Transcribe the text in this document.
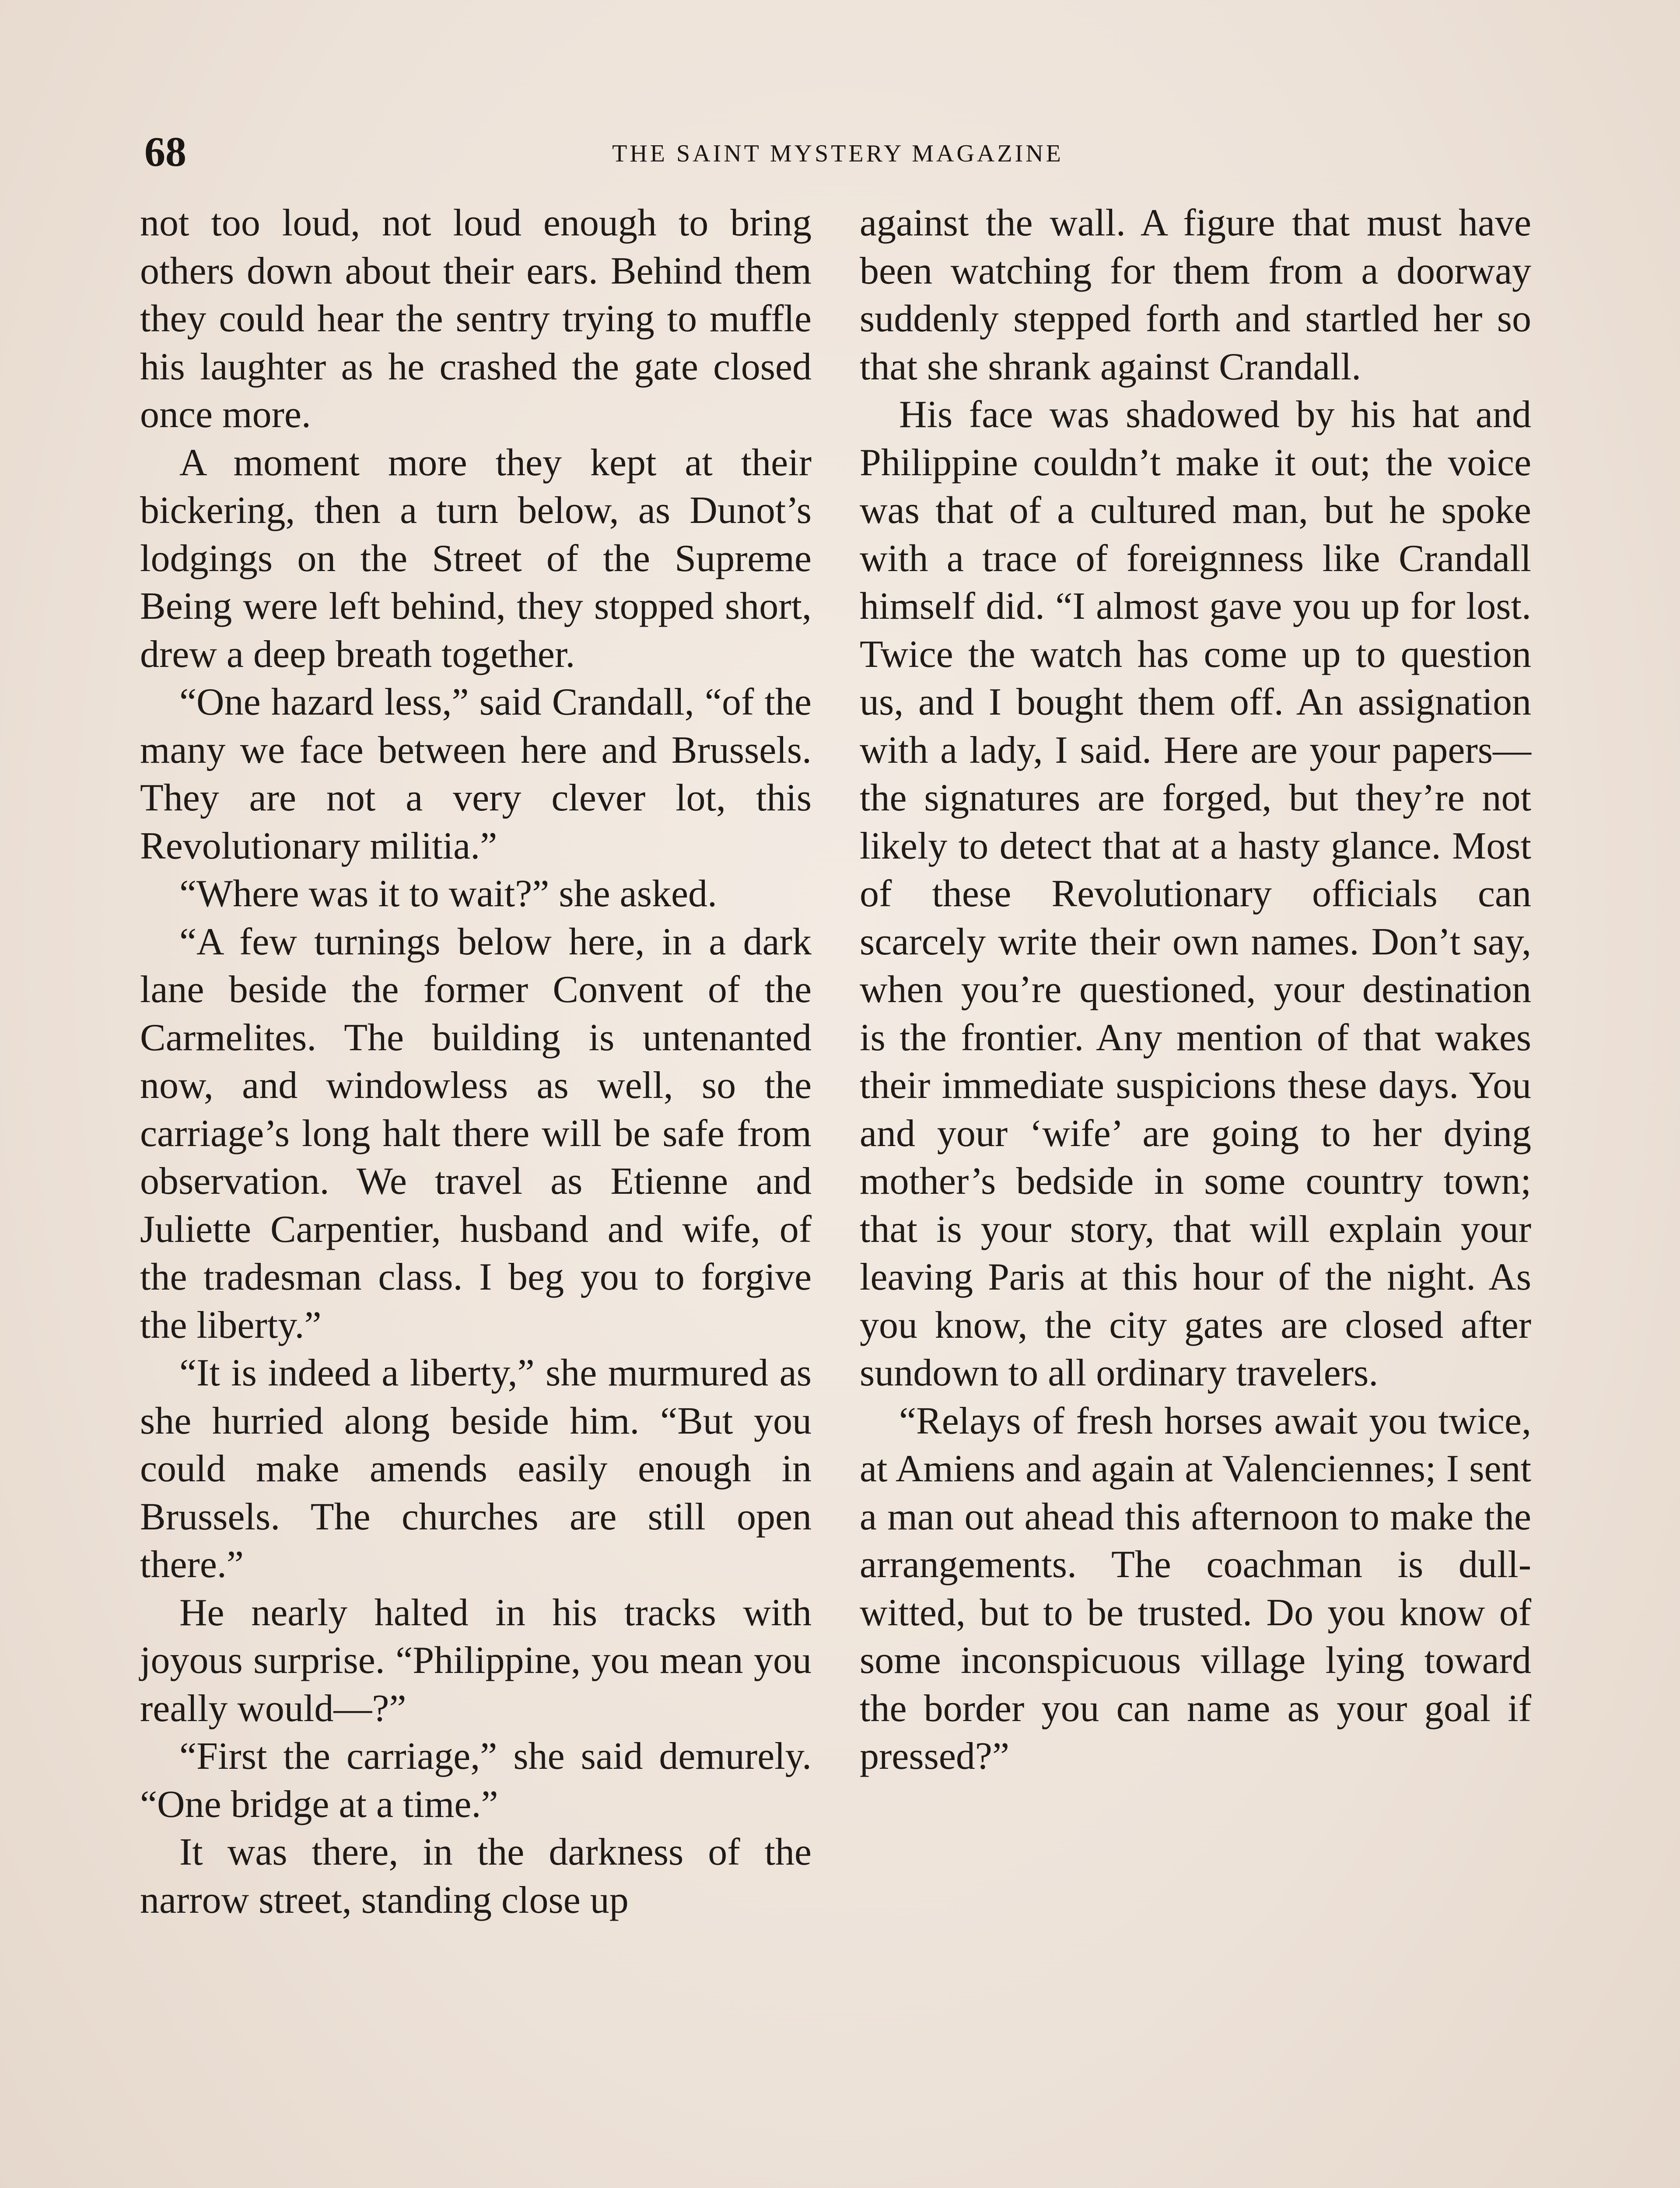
68	THE SAINT MYSTERY MAGAZINE

not too loud, not loud enough to bring others down about their ears. Behind them they could hear the sentry trying to muffle his laughter as he crashed the gate closed once more.

A moment more they kept at their bickering, then a turn below, as Dunot’s lodgings on the Street of the Supreme Being were left behind, they stopped short, drew a deep breath together.

“One hazard less,” said Crandall, “of the many we face between here and Brussels. They are not a very clever lot, this Revolutionary militia.”

“Where was it to wait?” she asked.

“A few turnings below here, in a dark lane beside the former Convent of the Carmelites. The building is untenanted now, and windowless as well, so the carriage’s long halt there will be safe from observation. We travel as Etienne and Juliette Carpentier, husband and wife, of the tradesman class. I beg you to forgive the liberty.”

“It is indeed a liberty,” she murmured as she hurried along beside him. “But you could make amends easily enough in Brussels. The churches are still open there.”

He nearly halted in his tracks with joyous surprise. “Philippine, you mean you really would—?”

“First the carriage,” she said demurely. “One bridge at a time.”

It was there, in the darkness of the narrow street, standing close up

against the wall. A figure that must have been watching for them from a doorway suddenly stepped forth and startled her so that she shrank against Crandall.

His face was shadowed by his hat and Philippine couldn’t make it out; the voice was that of a cultured man, but he spoke with a trace of foreignness like Crandall himself did. “I almost gave you up for lost. Twice the watch has come up to question us, and I bought them off. An assignation with a lady, I said. Here are your papers—the signatures are forged, but they’re not likely to detect that at a hasty glance. Most of these Revolutionary officials can scarcely write their own names. Don’t say, when you’re questioned, your destination is the frontier. Any mention of that wakes their immediate suspicions these days. You and your ‘wife’ are going to her dying mother’s bedside in some country town; that is your story, that will explain your leaving Paris at this hour of the night. As you know, the city gates are closed after sundown to all ordinary travelers.

“Relays of fresh horses await you twice, at Amiens and again at Valenciennes; I sent a man out ahead this afternoon to make the arrangements. The coachman is dull-witted, but to be trusted. Do you know of some inconspicuous village lying toward the border you can name as your goal if pressed?”
